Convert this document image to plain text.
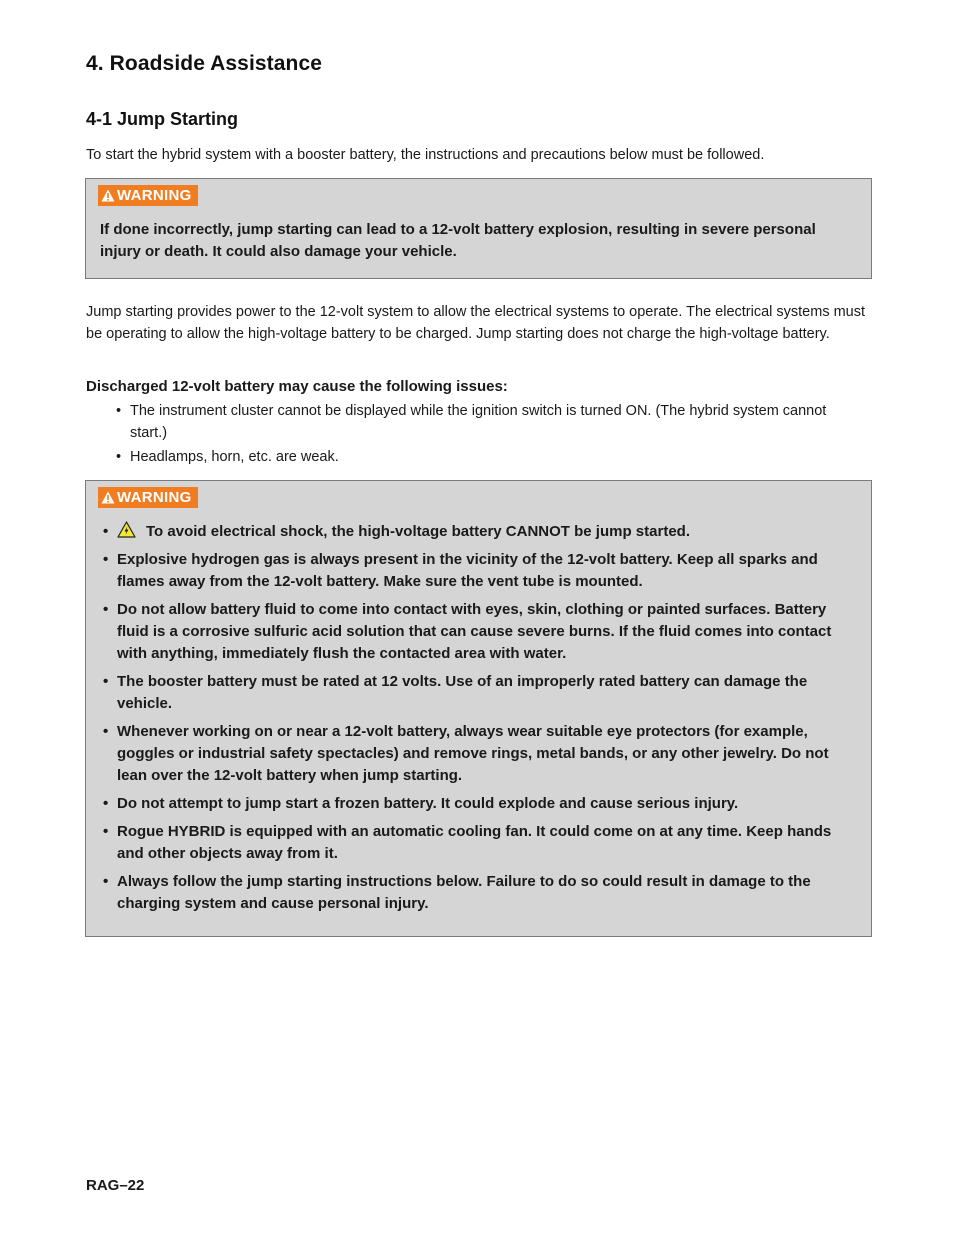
4. Roadside Assistance
4-1 Jump Starting

To start the hybrid system with a booster battery, the instructions and precautions below must be followed.

WARNING

If done incorrectly, jump starting can lead to a 12-volt battery explosion, resulting in severe personal injury or death. It could also damage your vehicle.

Jump starting provides power to the 12-volt system to allow the electrical systems to operate. The electrical systems must be operating to allow the high-voltage battery to be charged. Jump starting does not charge the high-voltage battery.

Discharged 12-volt battery may cause the following issues:

• The instrument cluster cannot be displayed while the ignition switch is turned ON. (The hybrid system cannot start.)
• Headlamps, horn, etc. are weak.
WARNING
• To avoid electrical shock, the high-voltage battery CANNOT be jump started.
• Explosive hydrogen gas is always present in the vicinity of the 12-volt battery. Keep all sparks and flames away from the 12-volt battery. Make sure the vent tube is mounted.
• Do not allow battery fluid to come into contact with eyes, skin, clothing or painted surfaces. Battery fluid is a corrosive sulfuric acid solution that can cause severe burns. If the fluid comes into contact with anything, immediately flush the contacted area with water.
• The booster battery must be rated at 12 volts. Use of an improperly rated battery can damage the vehicle.
• Whenever working on or near a 12-volt battery, always wear suitable eye protectors (for example, goggles or industrial safety spectacles) and remove rings, metal bands, or any other jewelry. Do not lean over the 12-volt battery when jump starting.
• Do not attempt to jump start a frozen battery. It could explode and cause serious injury.
• Rogue HYBRID is equipped with an automatic cooling fan. It could come on at any time. Keep hands and other objects away from it.
• Always follow the jump starting instructions below. Failure to do so could result in damage to the charging system and cause personal injury.

RAG–22
